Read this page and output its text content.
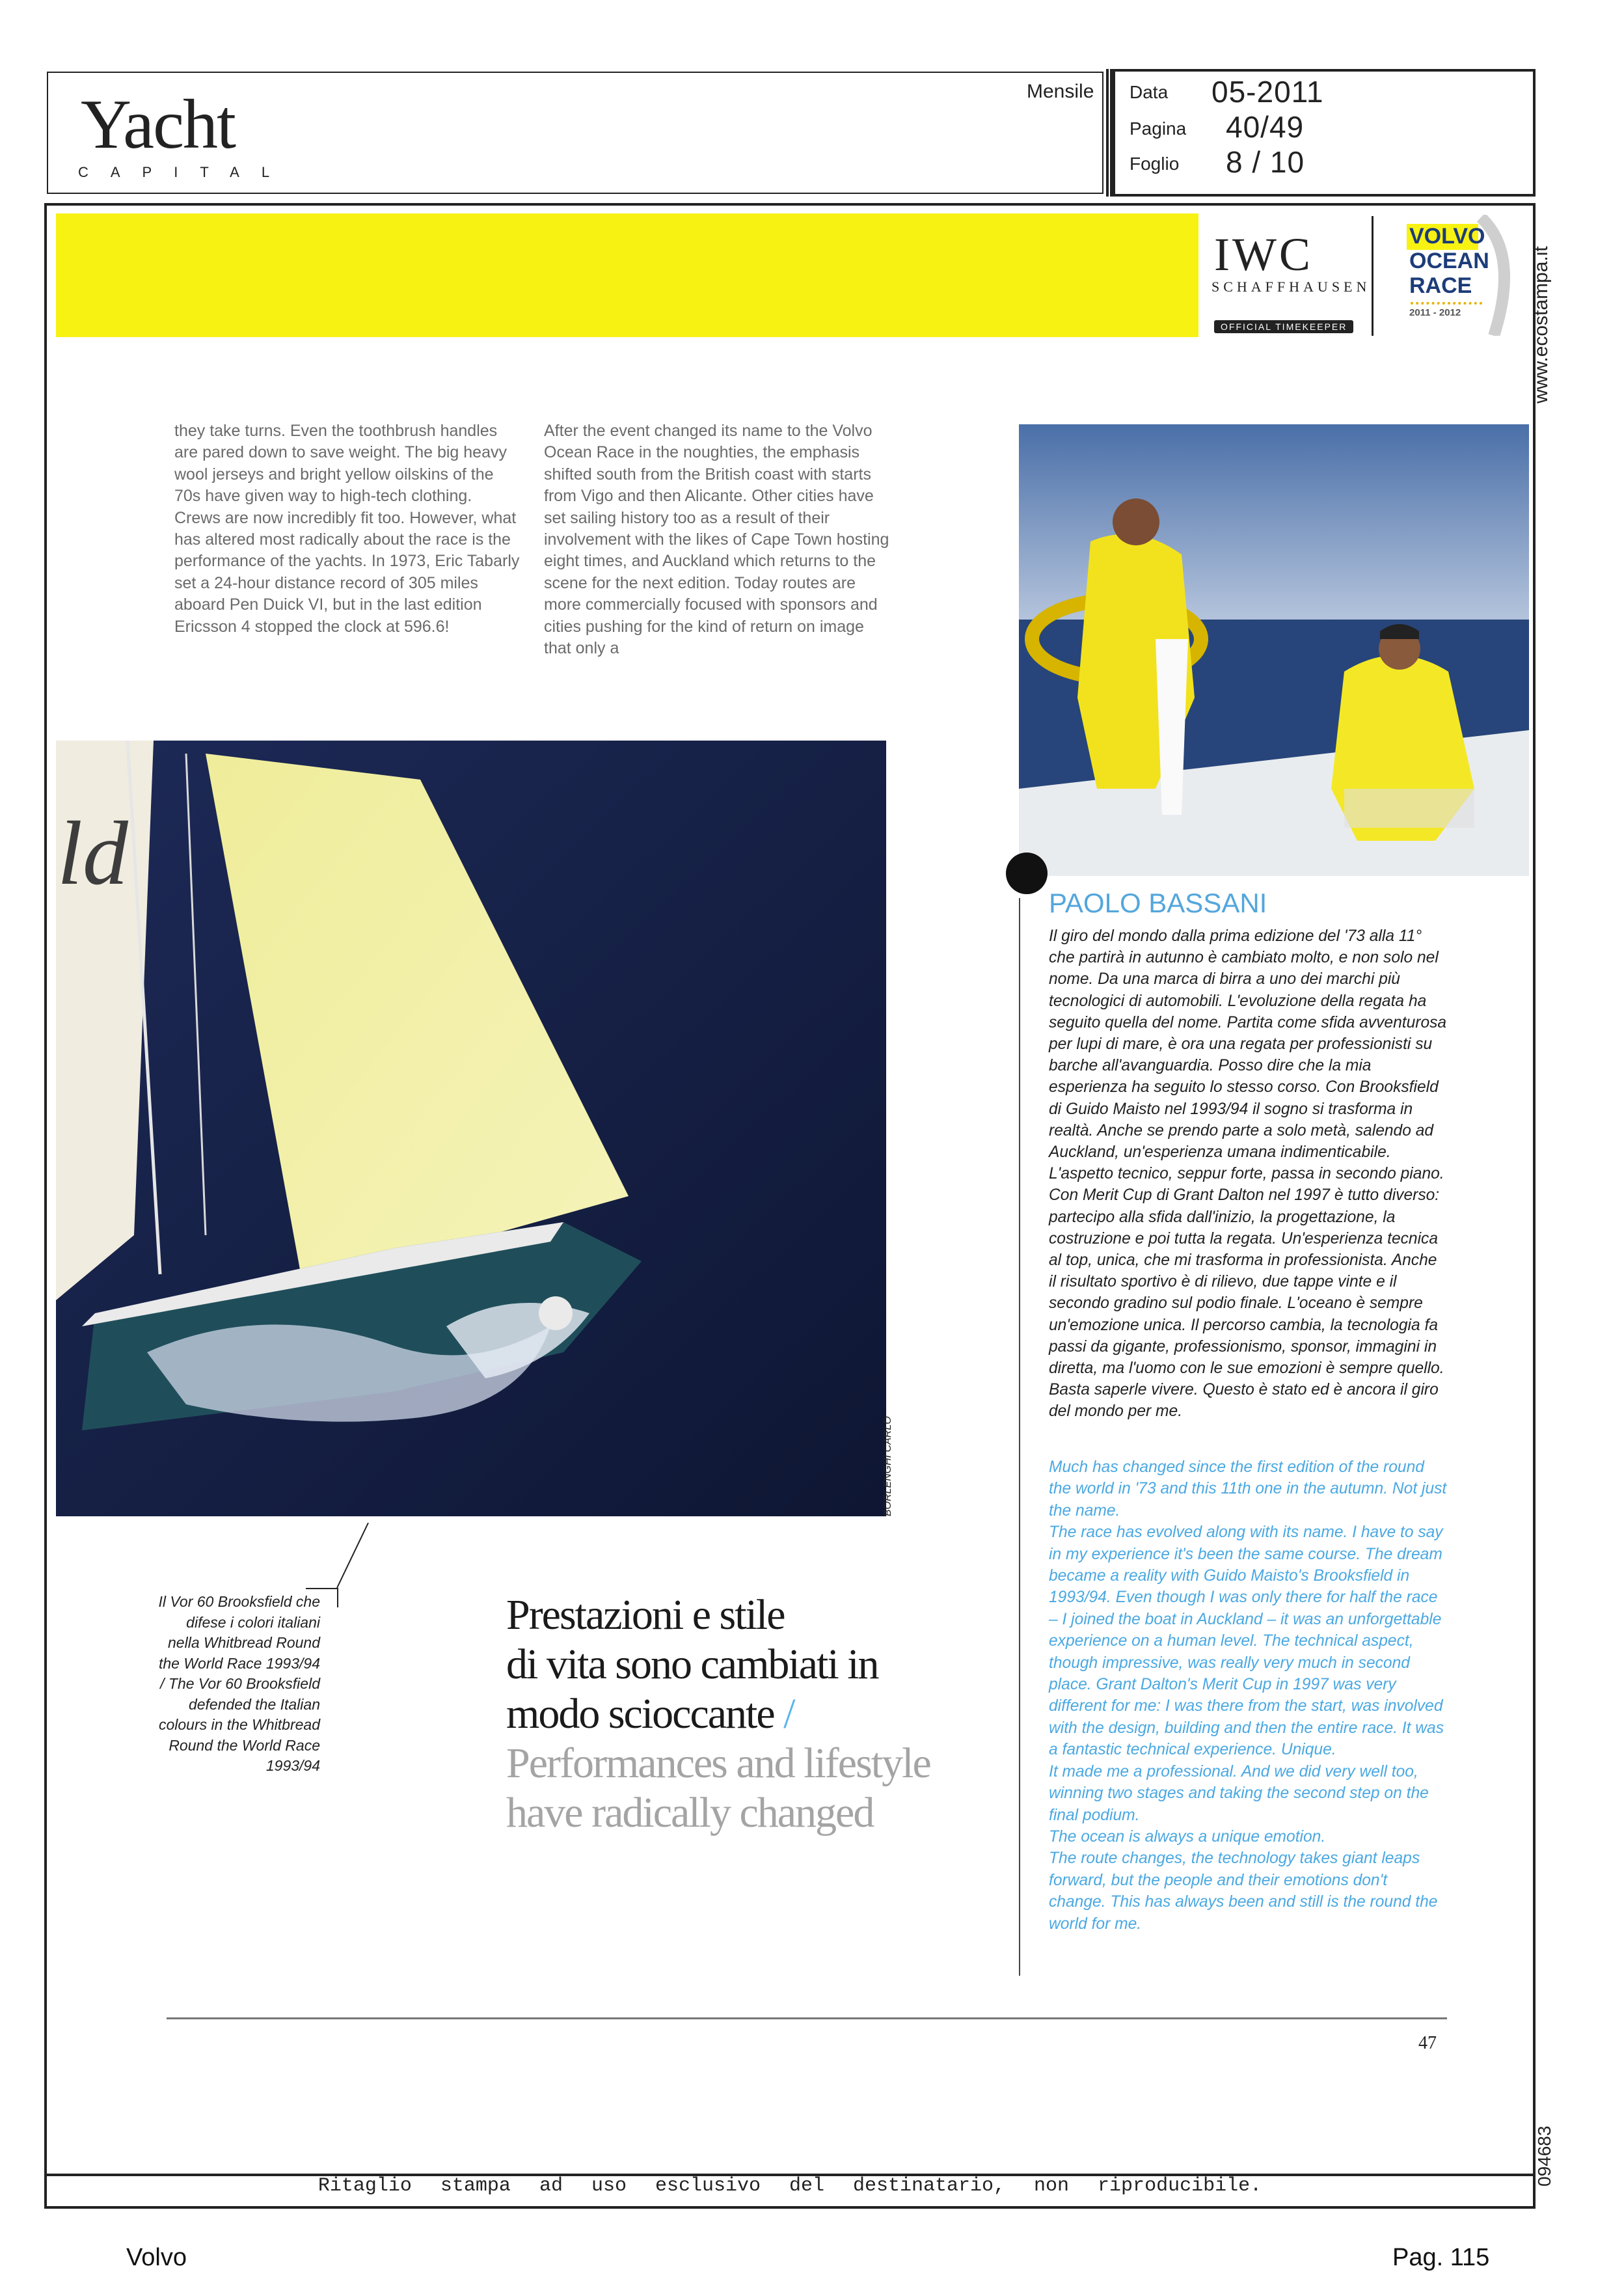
Yacht
CAPITAL
Mensile Data 05-2011
Pagina 40/49
Foglio 8 / 10
www.ecostampa.it
094683
IWC
SCHAFFHAUSEN
OFFICIAL TIMEKEEPER
VOLVO
OCEAN
RACE
2011 - 2012
they take turns. Even the toothbrush handles are pared down to save weight. The big heavy wool jerseys and bright yellow oilskins of the 70s have given way to high-tech clothing. Crews are now incredibly fit too. However, what has altered most radically about the race is the performance of the yachts. In 1973, Eric Tabarly set a 24-hour distance record of 305 miles aboard Pen Duick VI, but in the last edition Ericsson 4 stopped the clock at 596.6!
After the event changed its name to the Volvo Ocean Race in the noughties, the emphasis shifted south from the British coast with starts from Vigo and then Alicante. Other cities have set sailing history too as a result of their involvement with the likes of Cape Town hosting eight times, and Auckland which returns to the scene for the next edition. Today routes are more commercially focused with sponsors and cities pushing for the kind of return on image that only a
ld
BORLENGHI CARLO
Il Vor 60 Brooksfield che difese i colori italiani nella Whitbread Round the World Race 1993/94 / The Vor 60 Brooksfield defended the Italian colours in the Whitbread Round the World Race 1993/94
Prestazioni e stile
di vita sono cambiati in
modo scioccante /
Performances and lifestyle
have radically changed
PAOLO BASSANI
Il giro del mondo dalla prima edizione del '73 alla 11° che partirà in autunno è cambiato molto, e non solo nel nome. Da una marca di birra a uno dei marchi più tecnologici di automobili. L'evoluzione della regata ha seguito quella del nome. Partita come sfida avventurosa per lupi di mare, è ora una regata per professionisti su barche all'avanguardia. Posso dire che la mia esperienza ha seguito lo stesso corso. Con Brooksfield di Guido Maisto nel 1993/94 il sogno si trasforma in realtà. Anche se prendo parte a solo metà, salendo ad Auckland, un'esperienza umana indimenticabile. L'aspetto tecnico, seppur forte, passa in secondo piano. Con Merit Cup di Grant Dalton nel 1997 è tutto diverso: partecipo alla sfida dall'inizio, la progettazione, la costruzione e poi tutta la regata. Un'esperienza tecnica al top, unica, che mi trasforma in professionista. Anche il risultato sportivo è di rilievo, due tappe vinte e il secondo gradino sul podio finale. L'oceano è sempre un'emozione unica. Il percorso cambia, la tecnologia fa passi da gigante, professionismo, sponsor, immagini in diretta, ma l'uomo con le sue emozioni è sempre quello. Basta saperle vivere. Questo è stato ed è ancora il giro del mondo per me.
Much has changed since the first edition of the round the world in '73 and this 11th one in the autumn. Not just the name.
The race has evolved along with its name. I have to say in my experience it's been the same course. The dream became a reality with Guido Maisto's Brooksfield in 1993/94. Even though I was only there for half the race – I joined the boat in Auckland – it was an unforgettable experience on a human level. The technical aspect, though impressive, was really very much in second place. Grant Dalton's Merit Cup in 1997 was very different for me: I was there from the start, was involved with the design, building and then the entire race. It was a fantastic technical experience. Unique.
It made me a professional. And we did very well too, winning two stages and taking the second step on the final podium.
The ocean is always a unique emotion.
The route changes, the technology takes giant leaps forward, but the people and their emotions don't change. This has always been and still is the round the world for me.
47
Ritaglio stampa ad uso esclusivo del destinatario, non riproducibile.
Volvo	Pag. 115
